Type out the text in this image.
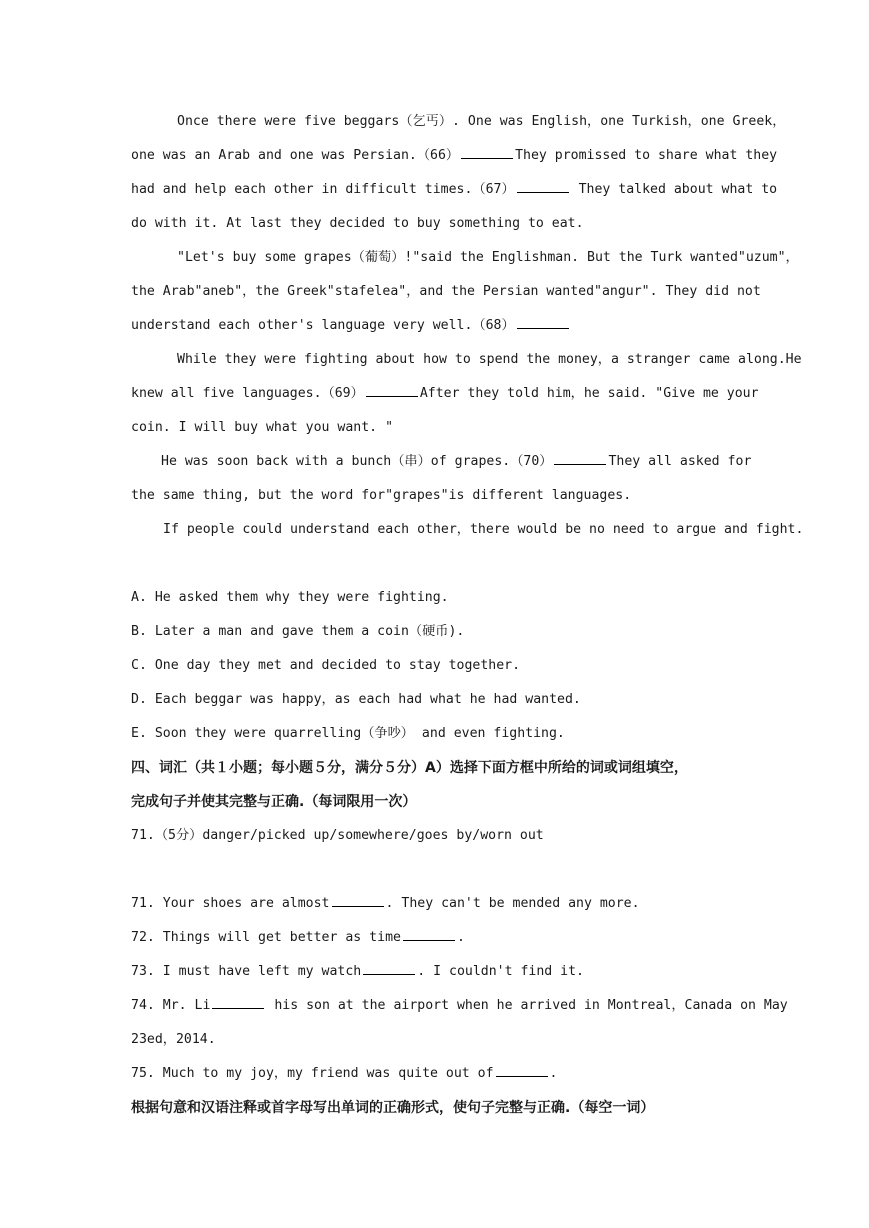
Once there were five beggars（乞丐）. One was English，one Turkish，one Greek，
one was an Arab and one was Persian.（66）	They promissed to share what they
had and help each other in difficult times.（67）	They talked about what to
do with it. At last they decided to buy something to eat.
"Let's buy some grapes（葡萄）!"said the Englishman. But the Turk wanted"uzum"，
the Arab"aneb"，the Greek"stafelea"，and the Persian wanted"angur". They did not
understand each other's language very well.（68）
While they were fighting about how to spend the money，a stranger came along.He
knew all five languages.（69）	After they told him，he said. "Give me your
coin. I will buy what you want. "
He was soon back with a bunch（串）of grapes.（70）	They all asked for
the same thing, but the word for"grapes"is different languages.
If people could understand each other，there would be no need to argue and fight.
A. He asked them why they were fighting.
B. Later a man and gave them a coin（硬币).
C. One day they met and decided to stay together.
D. Each beggar was happy，as each had what he had wanted.
E. Soon they were quarrelling（争吵） and even fighting.
四、词汇（共１小题；每小题５分，满分５分）A）选择下面方框中所给的词或词组填空，
完成句子并使其完整与正确.（每词限用一次）
71.（5分）danger/picked up/somewhere/goes by/worn out
71. Your shoes are almost	. They can't be mended any more.
72. Things will get better as time	.
73. I must have left my watch	. I couldn't find it.
74. Mr. Li	his son at the airport when he arrived in Montreal，Canada on May
23ed，2014.
75. Much to my joy，my friend was quite out of	.
根据句意和汉语注释或首字母写出单词的正确形式，使句子完整与正确.（每空一词）
